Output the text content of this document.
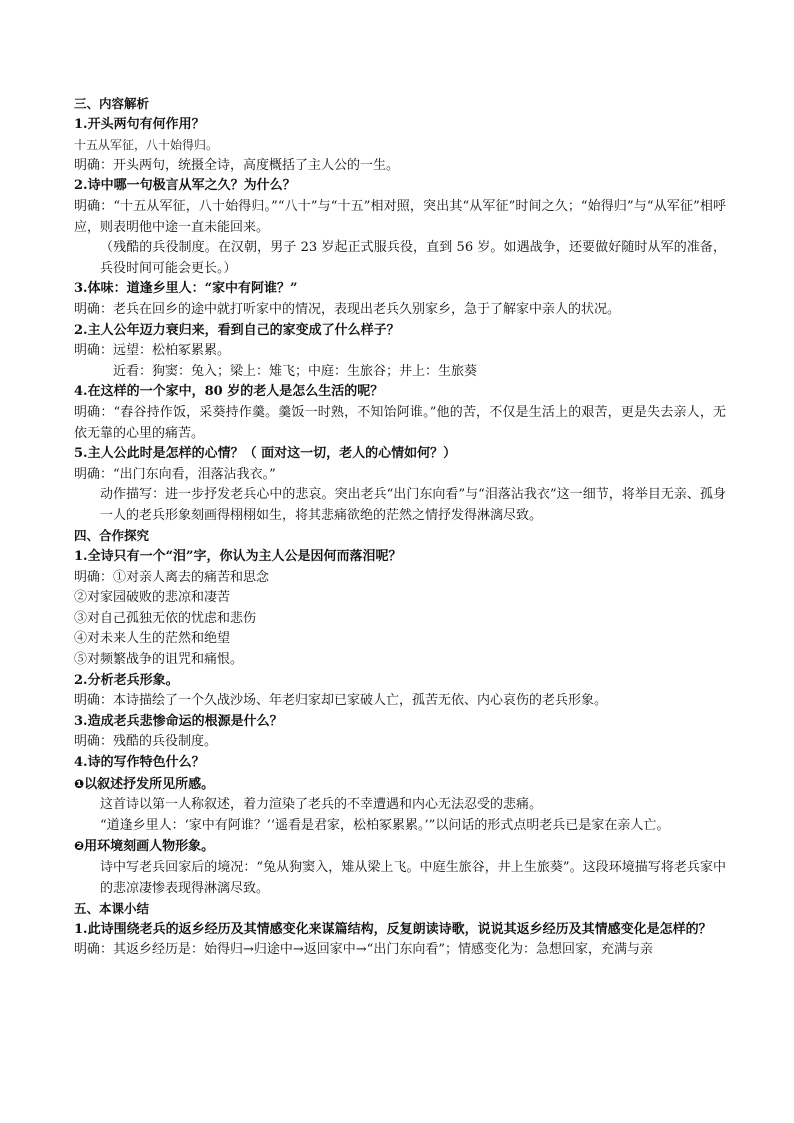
三、内容解析

1.开头两句有何作用？

十五从军征，八十始得归。

明确：开头两句，统摄全诗，高度概括了主人公的一生。

2.诗中哪一句极言从军之久？为什么？

明确：“十五从军征，八十始得归。”“八十”与“十五”相对照，突出其“从军征”时间之久；“始得归”与“从军征”相呼应，则表明他中途一直未能回来。

（残酷的兵役制度。在汉朝，男子 23 岁起正式服兵役，直到 56 岁。如遇战争，还要做好随时从军的准备，兵役时间可能会更长。）

3.体味：道逢乡里人：“家中有阿谁？”

明确：老兵在回乡的途中就打听家中的情况，表现出老兵久别家乡，急于了解家中亲人的状况。

2.主人公年迈力衰归来，看到自己的家变成了什么样子？

明确：远望：松柏冢累累。

近看：狗窦：兔入；梁上：雉飞；中庭：生旅谷；井上：生旅葵

4.在这样的一个家中，80 岁的老人是怎么生活的呢？

明确：“舂谷持作饭，采葵持作羹。羹饭一时熟，不知饴阿谁。”他的苦，不仅是生活上的艰苦，更是失去亲人，无依无靠的心里的痛苦。

5.主人公此时是怎样的心情？（ 面对这一切，老人的心情如何？）

明确：“出门东向看，泪落沾我衣。”

动作描写：进一步抒发老兵心中的悲哀。突出老兵“出门东向看”与“泪落沾我衣”这一细节，将举目无亲、孤身一人的老兵形象刻画得栩栩如生，将其悲痛欲绝的茫然之情抒发得淋漓尽致。

四、合作探究

1.全诗只有一个“泪”字，你认为主人公是因何而落泪呢？

明确：①对亲人离去的痛苦和思念

②对家园破败的悲凉和凄苦

③对自己孤独无依的忧虑和悲伤

④对未来人生的茫然和绝望

⑤对频繁战争的诅咒和痛恨。

2.分析老兵形象。

明确：本诗描绘了一个久战沙场、年老归家却已家破人亡，孤苦无依、内心哀伤的老兵形象。

3.造成老兵悲惨命运的根源是什么？

明确：残酷的兵役制度。

4.诗的写作特色什么？

❶以叙述抒发所见所感。

这首诗以第一人称叙述，着力渲染了老兵的不幸遭遇和内心无法忍受的悲痛。

“道逢乡里人：‘家中有阿谁？’‘遥看是君家，松柏冢累累。’”以问话的形式点明老兵已是家在亲人亡。

❷用环境刻画人物形象。

诗中写老兵回家后的境况：“兔从狗窦入，雉从梁上飞。中庭生旅谷，井上生旅葵”。这段环境描写将老兵家中的悲凉凄惨表现得淋漓尽致。

五、本课小结

1.此诗围绕老兵的返乡经历及其情感变化来谋篇结构，反复朗读诗歌，说说其返乡经历及其情感变化是怎样的？

明确：其返乡经历是：始得归→归途中→返回家中→“出门东向看”；情感变化为：急想回家，充满与亲
